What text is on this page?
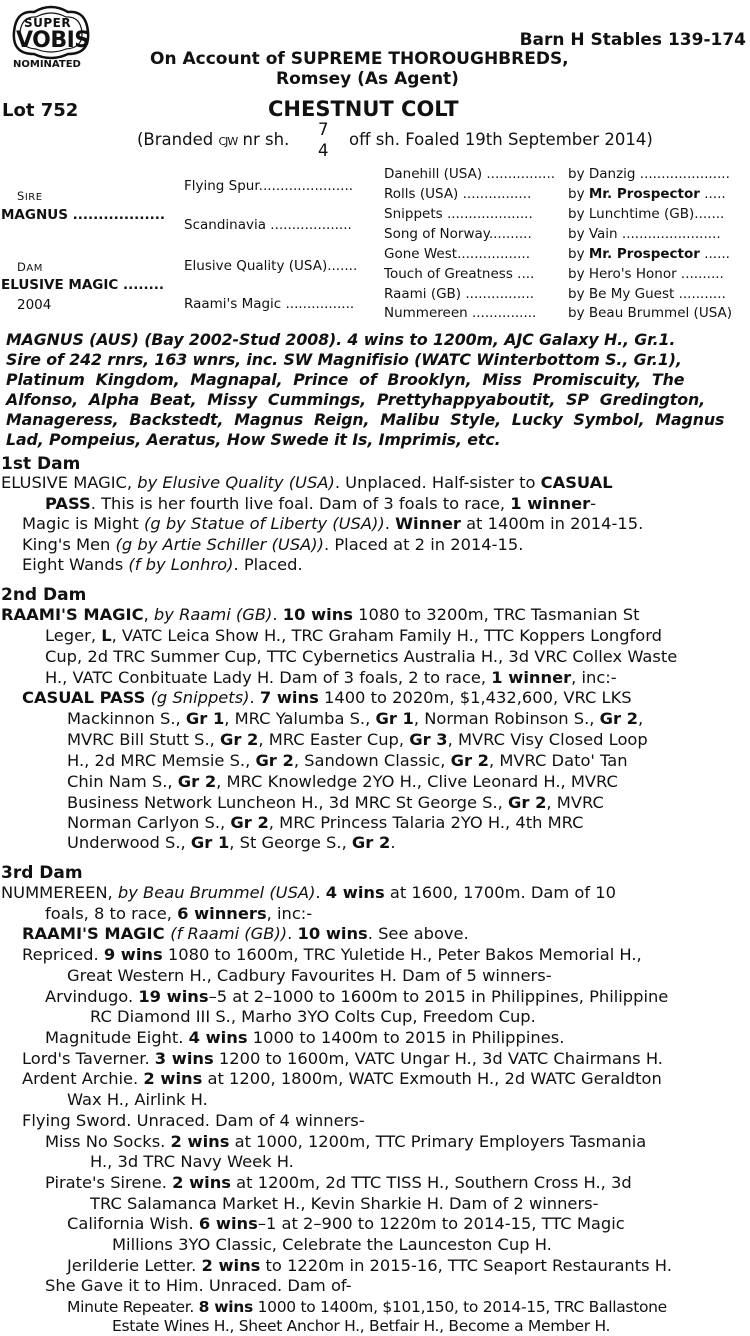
SUPER
VOBIS
NOMINATED
Barn H Stables 139-174
On Account of SUPREME THOROUGHBREDS,
Romsey (As Agent)
Lot 752	CHESTNUT COLT
(Branded CJW nr sh.
7
4
off sh. Foaled 19th September 2014)
SIRE
MAGNUS ..................
DAM
ELUSIVE MAGIC ........
2004
Flying Spur......................
Scandinavia ...................
Elusive Quality (USA).......
Raami's Magic ................
Danehill (USA) ................
Rolls (USA) ................
Snippets ....................
Song of Norway..........
Gone West.................
Touch of Greatness ....
Raami (GB) ................
Nummereen ...............
by Danzig .....................
by Mr. Prospector .....
by Lunchtime (GB).......
by Vain .......................
by Mr. Prospector ......
by Hero's Honor ..........
by Be My Guest ...........
by Beau Brummel (USA)
MAGNUS (AUS) (Bay 2002-Stud 2008). 4 wins to 1200m, AJC Galaxy H., Gr.1.
Sire of 242 rnrs, 163 wnrs, inc. SW Magnifisio (WATC Winterbottom S., Gr.1),
Platinum  Kingdom,  Magnapal,  Prince  of  Brooklyn,  Miss  Promiscuity,  The
Alfonso,  Alpha  Beat,  Missy  Cummings,  Prettyhappyaboutit,  SP  Gredington,
Manageress,  Backstedt,  Magnus  Reign,  Malibu  Style,  Lucky  Symbol,  Magnus
Lad, Pompeius, Aeratus, How Swede it Is, Imprimis, etc.
1st Dam
ELUSIVE MAGIC, by Elusive Quality (USA). Unplaced. Half-sister to CASUAL
PASS. This is her fourth live foal. Dam of 3 foals to race, 1 winner-
Magic is Might (g by Statue of Liberty (USA)). Winner at 1400m in 2014-15.
King's Men (g by Artie Schiller (USA)). Placed at 2 in 2014-15.
Eight Wands (f by Lonhro). Placed.
2nd Dam
RAAMI'S MAGIC, by Raami (GB). 10 wins 1080 to 3200m, TRC Tasmanian St
Leger, L, VATC Leica Show H., TRC Graham Family H., TTC Koppers Longford
Cup, 2d TRC Summer Cup, TTC Cybernetics Australia H., 3d VRC Collex Waste
H., VATC Conbituate Lady H. Dam of 3 foals, 2 to race, 1 winner, inc:-
CASUAL PASS (g Snippets). 7 wins 1400 to 2020m, $1,432,600, VRC LKS
Mackinnon S., Gr 1, MRC Yalumba S., Gr 1, Norman Robinson S., Gr 2,
MVRC Bill Stutt S., Gr 2, MRC Easter Cup, Gr 3, MVRC Visy Closed Loop
H., 2d MRC Memsie S., Gr 2, Sandown Classic, Gr 2, MVRC Dato' Tan
Chin Nam S., Gr 2, MRC Knowledge 2YO H., Clive Leonard H., MVRC
Business Network Luncheon H., 3d MRC St George S., Gr 2, MVRC
Norman Carlyon S., Gr 2, MRC Princess Talaria 2YO H., 4th MRC
Underwood S., Gr 1, St George S., Gr 2.
3rd Dam
NUMMEREEN, by Beau Brummel (USA). 4 wins at 1600, 1700m. Dam of 10
foals, 8 to race, 6 winners, inc:-
RAAMI'S MAGIC (f Raami (GB)). 10 wins. See above.
Repriced. 9 wins 1080 to 1600m, TRC Yuletide H., Peter Bakos Memorial H.,
Great Western H., Cadbury Favourites H. Dam of 5 winners-
Arvindugo. 19 wins–5 at 2–1000 to 1600m to 2015 in Philippines, Philippine
RC Diamond III S., Marho 3YO Colts Cup, Freedom Cup.
Magnitude Eight. 4 wins 1000 to 1400m to 2015 in Philippines.
Lord's Taverner. 3 wins 1200 to 1600m, VATC Ungar H., 3d VATC Chairmans H.
Ardent Archie. 2 wins at 1200, 1800m, WATC Exmouth H., 2d WATC Geraldton
Wax H., Airlink H.
Flying Sword. Unraced. Dam of 4 winners-
Miss No Socks. 2 wins at 1000, 1200m, TTC Primary Employers Tasmania
H., 3d TRC Navy Week H.
Pirate's Sirene. 2 wins at 1200m, 2d TTC TISS H., Southern Cross H., 3d
TRC Salamanca Market H., Kevin Sharkie H. Dam of 2 winners-
California Wish. 6 wins–1 at 2–900 to 1220m to 2014-15, TTC Magic
Millions 3YO Classic, Celebrate the Launceston Cup H.
Jerilderie Letter. 2 wins to 1220m in 2015-16, TTC Seaport Restaurants H.
She Gave it to Him. Unraced. Dam of-
Minute Repeater. 8 wins 1000 to 1400m, $101,150, to 2014-15, TRC Ballastone
Estate Wines H., Sheet Anchor H., Betfair H., Become a Member H.
